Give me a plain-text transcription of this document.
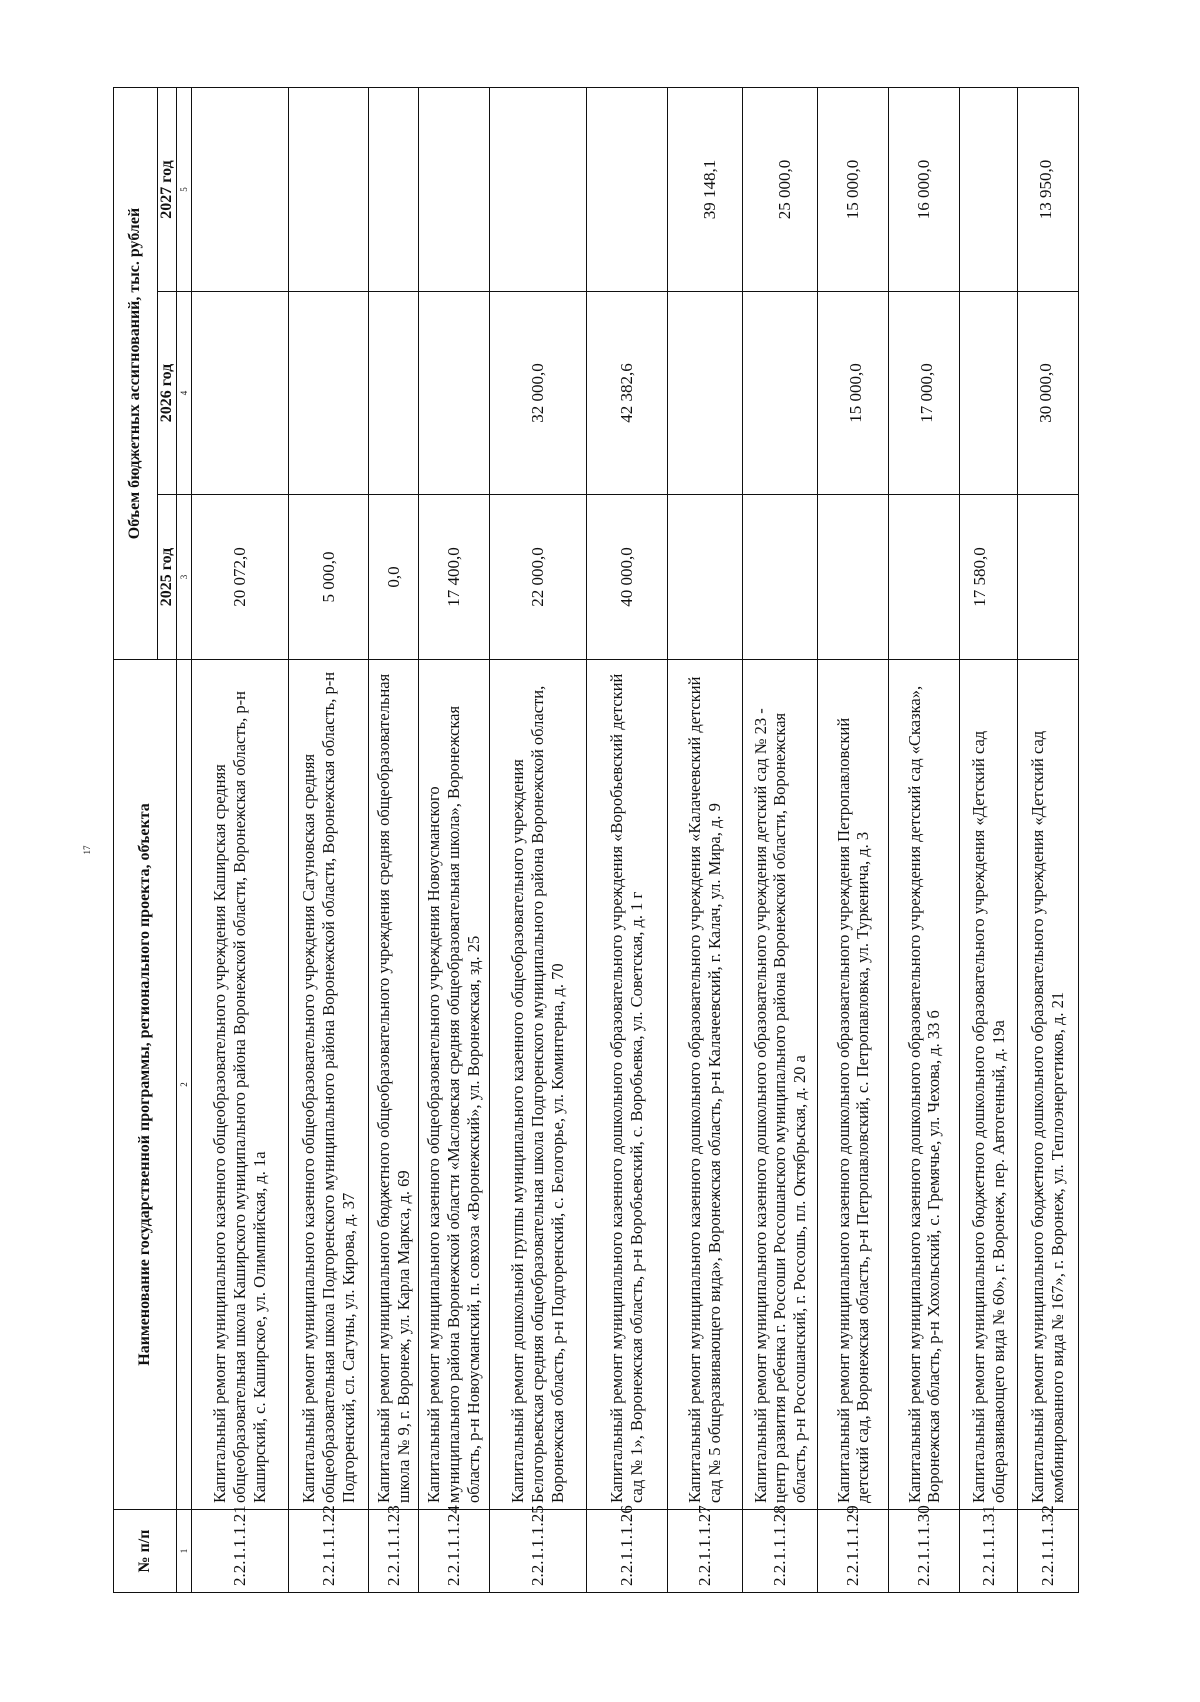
17
№ п/п	Наименование государственной программы, регионального проекта, объекта	Объем бюджетных ассигнований, тыс. рублей		
		2025 год	2026 год	2027 год

1	2	3	4	5
2.2.1.1.1.21	Капитальный ремонт муниципального казенного общеобразовательного учреждения Каширская средняя общеобразовательная школа Каширского муниципального района Воронежской области, Воронежская область, р-н Каширский, с. Каширское, ул. Олимпийская, д. 1а	20 072,0		
2.2.1.1.1.22	Капитальный ремонт муниципального казенного общеобразовательного учреждения Сагуновская средняя общеобразовательная школа Подгоренского муниципального района Воронежской области, Воронежская область, р-н Подгоренский, сл. Сагуны, ул. Кирова, д. 37	5 000,0		
2.2.1.1.1.23	Капитальный ремонт муниципального бюджетного общеобразовательного учреждения средняя общеобразовательная школа № 9, г. Воронеж, ул. Карла Маркса, д. 69	0,0		
2.2.1.1.1.24	Капитальный ремонт муниципального казенного общеобразовательного учреждения Новоусманского муниципального района Воронежской области «Масловская средняя общеобразовательная школа», Воронежская область, р-н Новоусманский, п. совхоза «Воронежский», ул. Воронежская, зд. 25	17 400,0		
2.2.1.1.1.25	Капитальный ремонт дошкольной группы муниципального казенного общеобразовательного учреждения Белогорьевская средняя общеобразовательная школа Подгоренского муниципального района Воронежской области, Воронежская область, р-н Подгоренский, с. Белогорье, ул. Коминтерна, д. 70	22 000,0	32 000,0	
2.2.1.1.1.26	Капитальный ремонт муниципального казенного дошкольного образовательного учреждения «Воробьевский детский сад № 1», Воронежская область, р-н Воробьевский, с. Воробьевка, ул. Советская, д. 1 г	40 000,0	42 382,6	
2.2.1.1.1.27	Капитальный ремонт муниципального казенного дошкольного образовательного учреждения «Калачеевский детский сад № 5 общеразвивающего вида», Воронежская область, р-н Калачеевский, г. Калач, ул. Мира, д. 9			39 148,1
2.2.1.1.1.28	Капитальный ремонт муниципального казенного дошкольного образовательного учреждения детский сад № 23 - центр развития ребенка г. Россоши Россошанского муниципального района Воронежской области, Воронежская область, р-н Россошанский, г. Россошь, пл. Октябрьская, д. 20 а			25 000,0
2.2.1.1.1.29	Капитальный ремонт муниципального казенного дошкольного образовательного учреждения Петропавловский детский сад, Воронежская область, р-н Петропавловский, с. Петропавловка, ул. Туркенича, д. 3		15 000,0	15 000,0
2.2.1.1.1.30	Капитальный ремонт муниципального казенного дошкольного образовательного учреждения детский сад «Сказка», Воронежская область, р-н Хохольский, с. Гремячье, ул. Чехова, д. 33 б		17 000,0	16 000,0
2.2.1.1.1.31	Капитальный ремонт муниципального бюджетного дошкольного образовательного учреждения «Детский сад общеразвивающего вида № 60», г. Воронеж, пер. Автогенный, д. 19а	17 580,0		
2.2.1.1.1.32	Капитальный ремонт муниципального бюджетного дошкольного образовательного учреждения «Детский сад комбинированного вида № 167», г. Воронеж, ул. Теплоэнергетиков, д. 21		30 000,0	13 950,0
